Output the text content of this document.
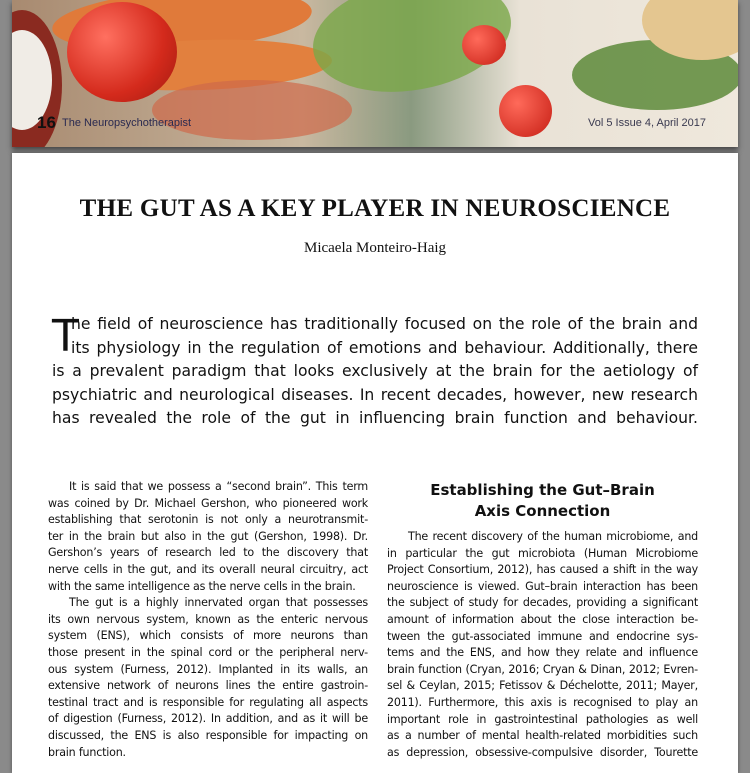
16 The Neuropsychotherapist	Vol 5 Issue 4, April 2017
THE GUT AS A KEY PLAYER IN NEUROSCIENCE
Micaela Monteiro-Haig
T
he field of neuroscience has traditionally focused on the role of the brain and
its physiology in the regulation of emotions and behaviour. Additionally, there
is a prevalent paradigm that looks exclusively at the brain for the aetiology of
psychiatric and neurological diseases. In recent decades, however, new research
has revealed the role of the gut in influencing brain function and behaviour.
It is said that we possess a “second brain”. This term
was coined by Dr. Michael Gershon, who pioneered work
establishing that serotonin is not only a neurotransmit-
ter in the brain but also in the gut (Gershon, 1998). Dr.
Gershon’s years of research led to the discovery that
nerve cells in the gut, and its overall neural circuitry, act
with the same intelligence as the nerve cells in the brain.
The gut is a highly innervated organ that possesses
its own nervous system, known as the enteric nervous
system (ENS), which consists of more neurons than
those present in the spinal cord or the peripheral nerv-
ous system (Furness, 2012). Implanted in its walls, an
extensive network of neurons lines the entire gastroin-
testinal tract and is responsible for regulating all aspects
of digestion (Furness, 2012). In addition, and as it will be
discussed, the ENS is also responsible for impacting on
brain function.
Establishing the Gut–Brain
Axis Connection
The recent discovery of the human microbiome, and
in particular the gut microbiota (Human Microbiome
Project Consortium, 2012), has caused a shift in the way
neuroscience is viewed. Gut–brain interaction has been
the subject of study for decades, providing a significant
amount of information about the close interaction be-
tween the gut-associated immune and endocrine sys-
tems and the ENS, and how they relate and influence
brain function (Cryan, 2016; Cryan & Dinan, 2012; Evren-
sel & Ceylan, 2015; Fetissov & Déchelotte, 2011; Mayer,
2011). Furthermore, this axis is recognised to play an
important role in gastrointestinal pathologies as well
as a number of mental health-related morbidities such
as depression, obsessive-compulsive disorder, Tourette
